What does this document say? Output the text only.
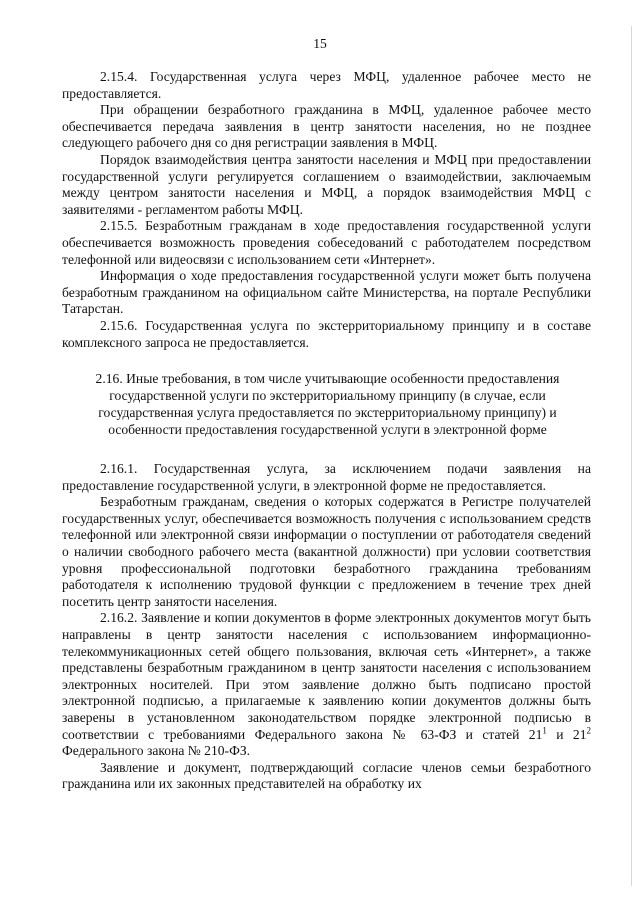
15

2.15.4. Государственная услуга через МФЦ, удаленное рабочее место не предоставляется.

При обращении безработного гражданина в МФЦ, удаленное рабочее место обеспечивается передача заявления в центр занятости населения, но не позднее следующего рабочего дня со дня регистрации заявления в МФЦ.

Порядок взаимодействия центра занятости населения и МФЦ при предоставлении государственной услуги регулируется соглашением о взаимодействии, заключаемым между центром занятости населения и МФЦ, а порядок взаимодействия МФЦ с заявителями - регламентом работы МФЦ.

2.15.5. Безработным гражданам в ходе предоставления государственной услуги обеспечивается возможность проведения собеседований с работодателем посредством телефонной или видеосвязи с использованием сети «Интернет».

Информация о ходе предоставления государственной услуги может быть получена безработным гражданином на официальном сайте Министерства, на портале Республики Татарстан.

2.15.6. Государственная услуга по экстерриториальному принципу и в составе комплексного запроса не предоставляется.

2.16. Иные требования, в том числе учитывающие особенности предоставления
государственной услуги по экстерриториальному принципу (в случае, если
государственная услуга предоставляется по экстерриториальному принципу) и
особенности предоставления государственной услуги в электронной форме

2.16.1. Государственная услуга, за исключением подачи заявления на предоставление государственной услуги, в электронной форме не предоставляется.

Безработным гражданам, сведения о которых содержатся в Регистре получателей государственных услуг, обеспечивается возможность получения с использованием средств телефонной или электронной связи информации о поступлении от работодателя сведений о наличии свободного рабочего места (вакантной должности) при условии соответствия уровня профессиональной подготовки безработного гражданина требованиям работодателя к исполнению трудовой функции с предложением в течение трех дней посетить центр занятости населения.

2.16.2. Заявление и копии документов в форме электронных документов могут быть направлены в центр занятости населения с использованием информационно-телекоммуникационных сетей общего пользования, включая сеть «Интернет», а также представлены безработным гражданином в центр занятости населения с использованием электронных носителей. При этом заявление должно быть подписано простой электронной подписью, а прилагаемые к заявлению копии документов должны быть заверены в установленном законодательством порядке электронной подписью в соответствии с требованиями Федерального закона № 63-ФЗ и статей $21^1$ и $21^2$ Федерального закона № 210-ФЗ.

Заявление и документ, подтверждающий согласие членов семьи безработного гражданина или их законных представителей на обработку их
